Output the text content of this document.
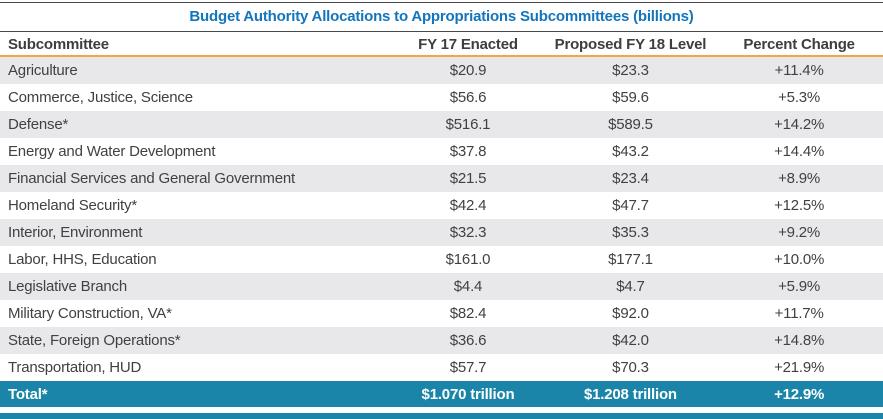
Budget Authority Allocations to Appropriations Subcommittees (billions)
Subcommittee	FY 17 Enacted	Proposed FY 18 Level	Percent Change
Agriculture	$20.9	$23.3	+11.4%
Commerce, Justice, Science	$56.6	$59.6	+5.3%
Defense*	$516.1	$589.5	+14.2%
Energy and Water Development	$37.8	$43.2	+14.4%
Financial Services and General Government	$21.5	$23.4	+8.9%
Homeland Security*	$42.4	$47.7	+12.5%
Interior, Environment	$32.3	$35.3	+9.2%
Labor, HHS, Education	$161.0	$177.1	+10.0%
Legislative Branch	$4.4	$4.7	+5.9%
Military Construction, VA*	$82.4	$92.0	+11.7%
State, Foreign Operations*	$36.6	$42.0	+14.8%
Transportation, HUD	$57.7	$70.3	+21.9%
Total*	$1.070 trillion	$1.208 trillion	+12.9%
